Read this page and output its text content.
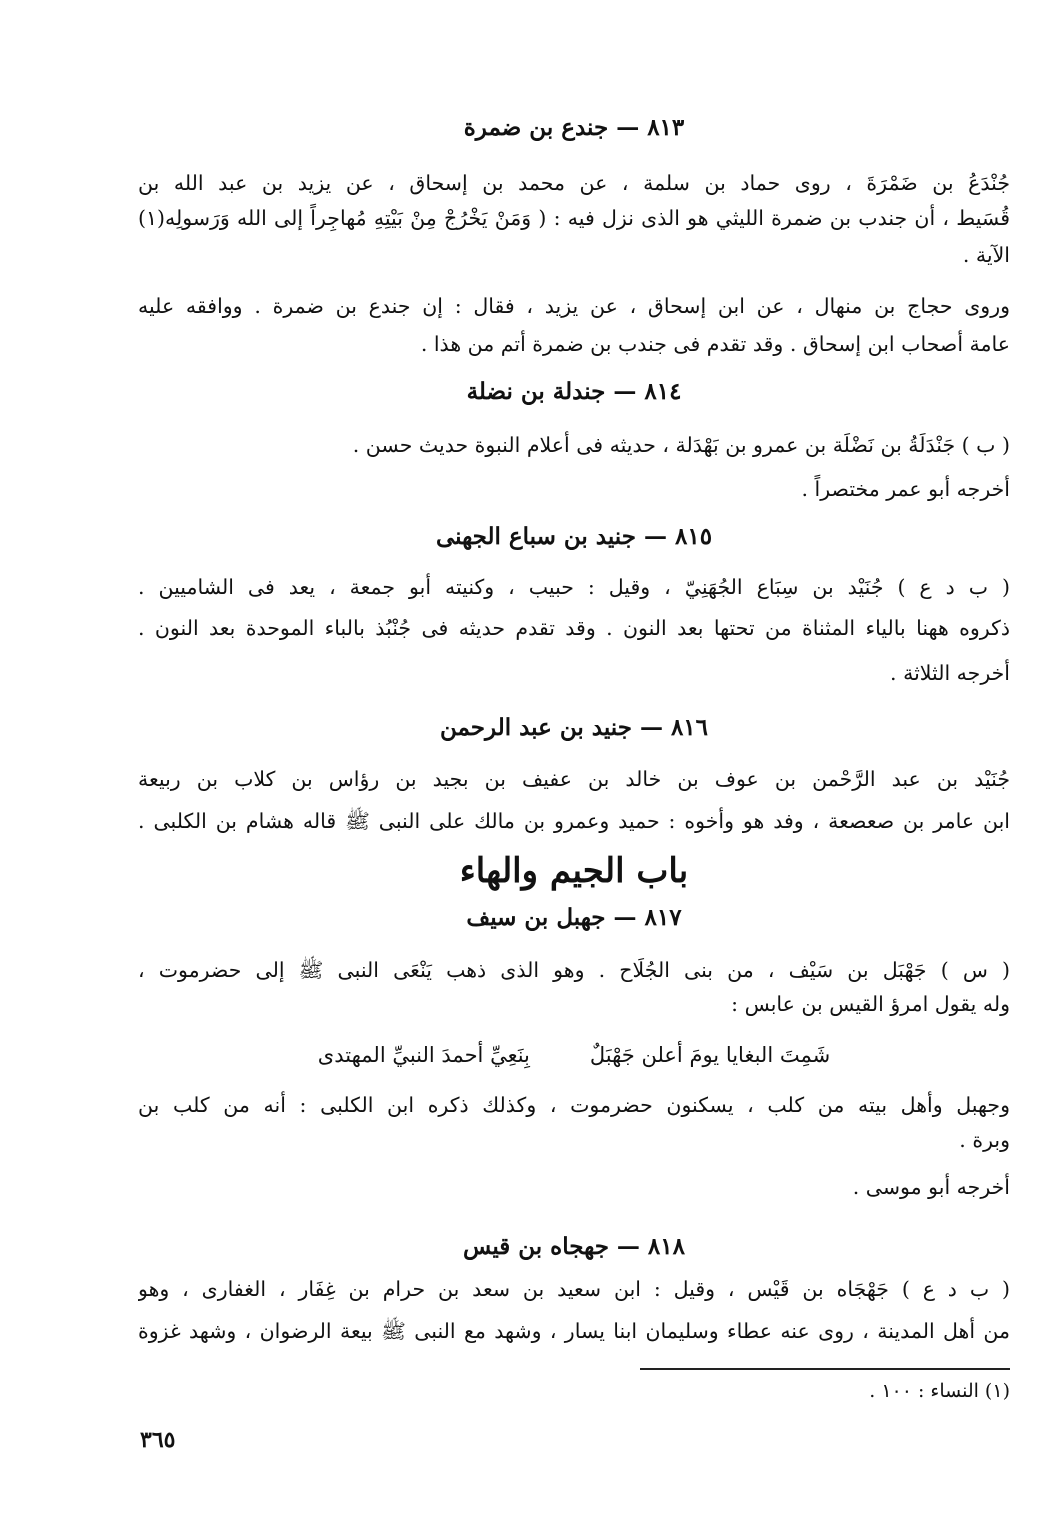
٨١٣ — جندع بن ضمرة
جُنْدَعُ بن ضَمْرَةَ ، روى حماد بن سلمة ، عن محمد بن إسحاق ، عن يزيد بن عبد الله بن
قُسَيط ، أن جندب بن ضمرة الليثي هو الذى نزل فيه : ( وَمَنْ يَخْرُجْ مِنْ بَيْتِهِ مُهاجِراً إلى الله وَرَسولِه(١)
الآية .
وروى حجاج بن منهال ، عن ابن إسحاق ، عن يزيد ، فقال : إن جندع بن ضمرة . ووافقه عليه
عامة أصحاب ابن إسحاق . وقد تقدم فى جندب بن ضمرة أتم من هذا .
٨١٤ — جندلة بن نضلة
( ب ) جَنْدَلَةُ بن نَضْلَة بن عمرو بن بَهْدَلة ، حديثه فى أعلام النبوة حديث حسن .
أخرجه أبو عمر مختصراً .
٨١٥ — جنيد بن سباع الجهنى
( ب د ع ) جُنَيْد بن سِبَاع الجُهَنِيّ ، وقيل : حبيب ، وكنيته أبو جمعة ، يعد فى الشاميين .
ذكروه ههنا بالياء المثناة من تحتها بعد النون . وقد تقدم حديثه فى جُنْبُذ بالباء الموحدة بعد النون .
أخرجه الثلاثة .
٨١٦ — جنيد بن عبد الرحمن
جُنَيْد بن عبد الرَّحْمن بن عوف بن خالد بن عفيف بن بجيد بن رؤاس بن كلاب بن ربيعة
ابن عامر بن صعصعة ، وفد هو وأخوه : حميد وعمرو بن مالك على النبى ﷺ قاله هشام بن الكلبى .
باب الجيم والهاء
٨١٧ — جهبل بن سيف
( س ) جَهْبَل بن سَيْف ، من بنى الجُلَاح . وهو الذى ذهب يَنْعَى النبى ﷺ إلى حضرموت ،
وله يقول امرؤ القيس بن عابس :
شَمِتَ البغايا يومَ أعلن جَهْبَلٌ
بِنَعِيِّ أحمدَ النبيِّ المهتدى
وجهبل وأهل بيته من كلب ، يسكنون حضرموت ، وكذلك ذكره ابن الكلبى : أنه من كلب بن
وبرة .
أخرجه أبو موسى .
٨١٨ — جهجاه بن قيس
( ب د ع ) جَهْجَاه بن قَيْس ، وقيل : ابن سعيد بن سعد بن حرام بن غِفَار ، الغفارى ، وهو
من أهل المدينة ، روى عنه عطاء وسليمان ابنا يسار ، وشهد مع النبى ﷺ بيعة الرضوان ، وشهد غزوة
(١) النساء : ١٠٠ .
٣٦٥
